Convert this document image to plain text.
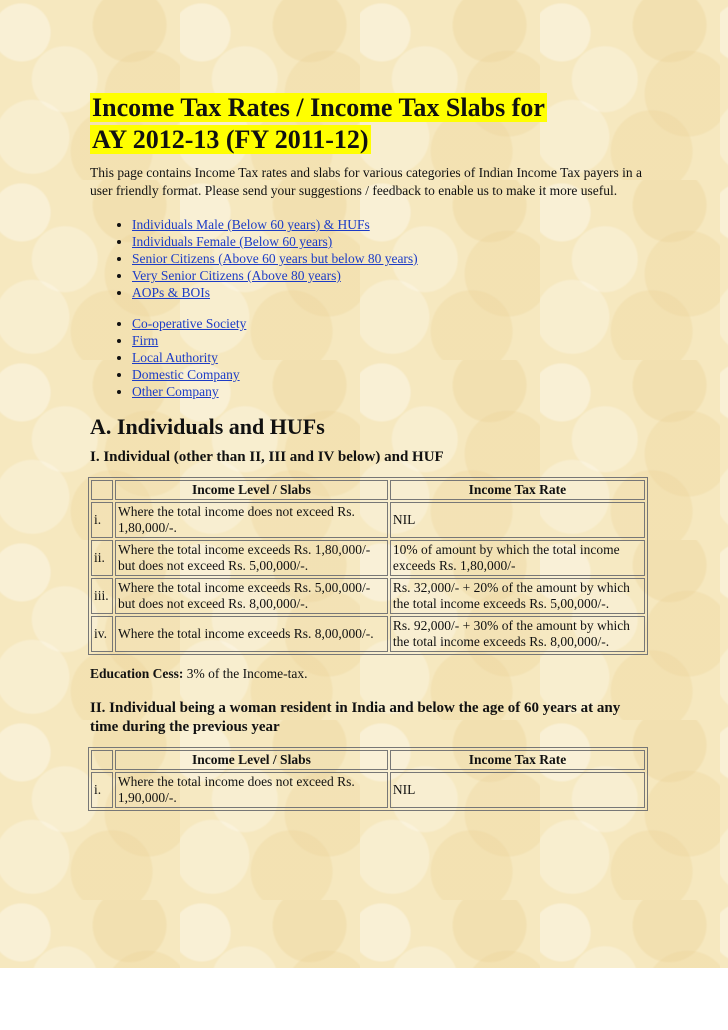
Income Tax Rates / Income Tax Slabs for
AY 2012-13 (FY 2011-12)

This page contains Income Tax rates and slabs for various categories of Indian Income Tax payers in a user friendly format. Please send your suggestions / feedback to enable us to make it more useful.

• Individuals Male (Below 60 years) & HUFs
• Individuals Female (Below 60 years)
• Senior Citizens (Above 60 years but below 80 years)
• Very Senior Citizens (Above 80 years)
• AOPs & BOIs
• Co-operative Society
• Firm
• Local Authority
• Domestic Company
• Other Company
A. Individuals and HUFs
I. Individual (other than II, III and IV below) and HUF
	Income Level / Slabs	Income Tax Rate
i.	Where the total income does not exceed Rs. 1,80,000/-.	NIL
ii.	Where the total income exceeds Rs. 1,80,000/- but does not exceed Rs. 5,00,000/-.	10% of amount by which the total income exceeds Rs. 1,80,000/-
iii.	Where the total income exceeds Rs. 5,00,000/- but does not exceed Rs. 8,00,000/-.	Rs. 32,000/- + 20% of the amount by which the total income exceeds Rs. 5,00,000/-.
iv.	Where the total income exceeds Rs. 8,00,000/-.	Rs. 92,000/- + 30% of the amount by which the total income exceeds Rs. 8,00,000/-.

Education Cess: 3% of the Income-tax.

II. Individual being a woman resident in India and below the age of 60 years at any time during the previous year
	Income Level / Slabs	Income Tax Rate
i.	Where the total income does not exceed Rs. 1,90,000/-.	NIL
